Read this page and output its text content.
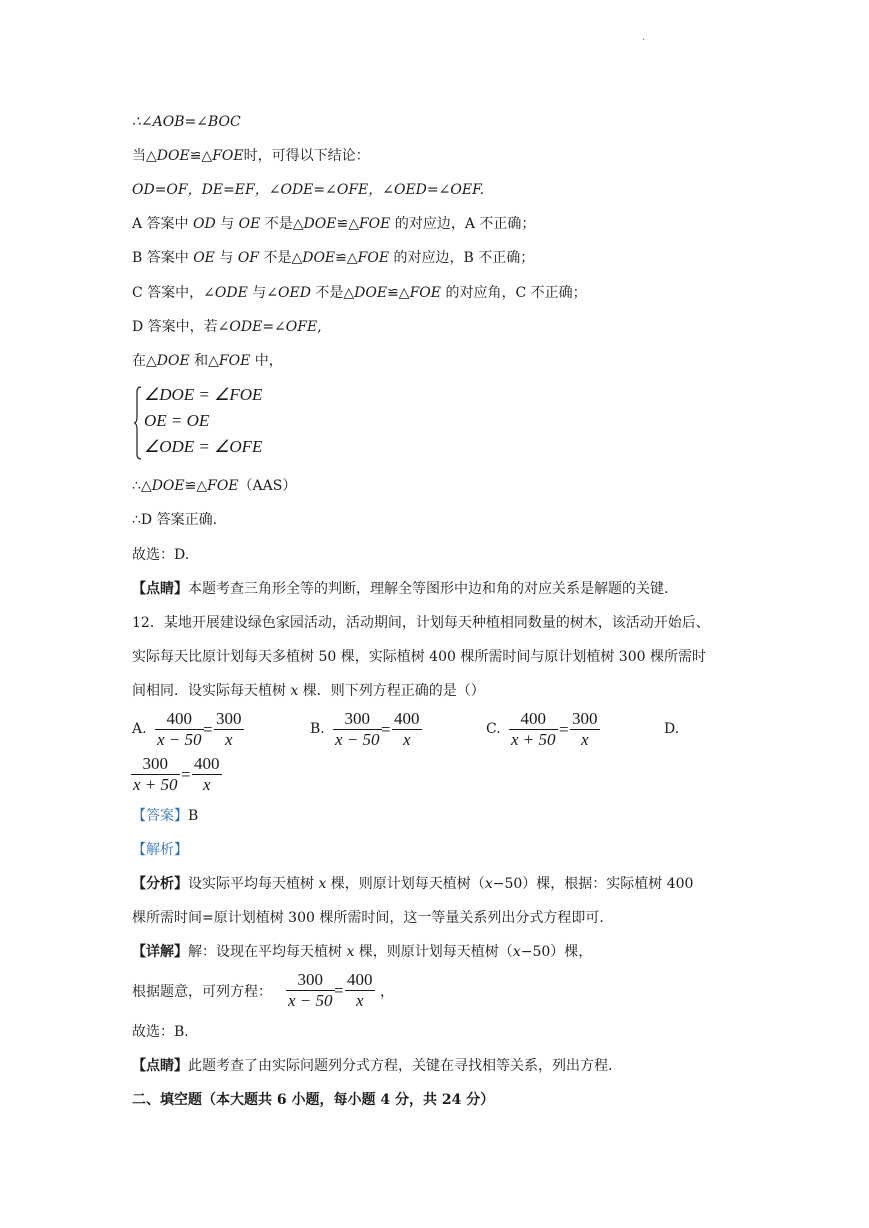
.
∴∠AOB=∠BOC
当△DOE≌△FOE时，可得以下结论：
OD=OF，DE=EF，∠ODE=∠OFE，∠OED=∠OEF.
A 答案中 OD 与 OE 不是△DOE≌△FOE 的对应边，A 不正确；
B 答案中 OE 与 OF 不是△DOE≌△FOE 的对应边，B 不正确；
C 答案中，∠ODE 与∠OED 不是△DOE≌△FOE 的对应角，C 不正确；
D 答案中，若∠ODE=∠OFE,
在△DOE 和△FOE 中，
∠DOE = ∠FOE
OE = OE
∠ODE = ∠OFE
∴△DOE≌△FOE（AAS）
∴D 答案正确.
故选：D.
【点睛】本题考查三角形全等的判断，理解全等图形中边和角的对应关系是解题的关键.
12．某地开展建设绿色家园活动，活动期间，计划每天种植相同数量的树木，该活动开始后、
实际每天比原计划每天多植树 50 棵，实际植树 400 棵所需时间与原计划植树 300 棵所需时
间相同．设实际每天植树 x 棵．则下列方程正确的是（）
A.
400
x − 50
=
300
x
B.
300
x − 50
=
400
x
C.
400
x + 50
=
300
x
D.
300
x + 50
=
400
x
【答案】B
【解析】
【分析】设实际平均每天植树 x 棵，则原计划每天植树（x−50）棵，根据：实际植树 400
棵所需时间=原计划植树 300 棵所需时间，这一等量关系列出分式方程即可.
【详解】解：设现在平均每天植树 x 棵，则原计划每天植树（x−50）棵，
根据题意，可列方程：
300
x − 50
=
400
x ，
故选：B.
【点睛】此题考查了由实际问题列分式方程，关键在寻找相等关系，列出方程.
二、填空题（本大题共 6 小题，每小题 4 分，共 24 分）
